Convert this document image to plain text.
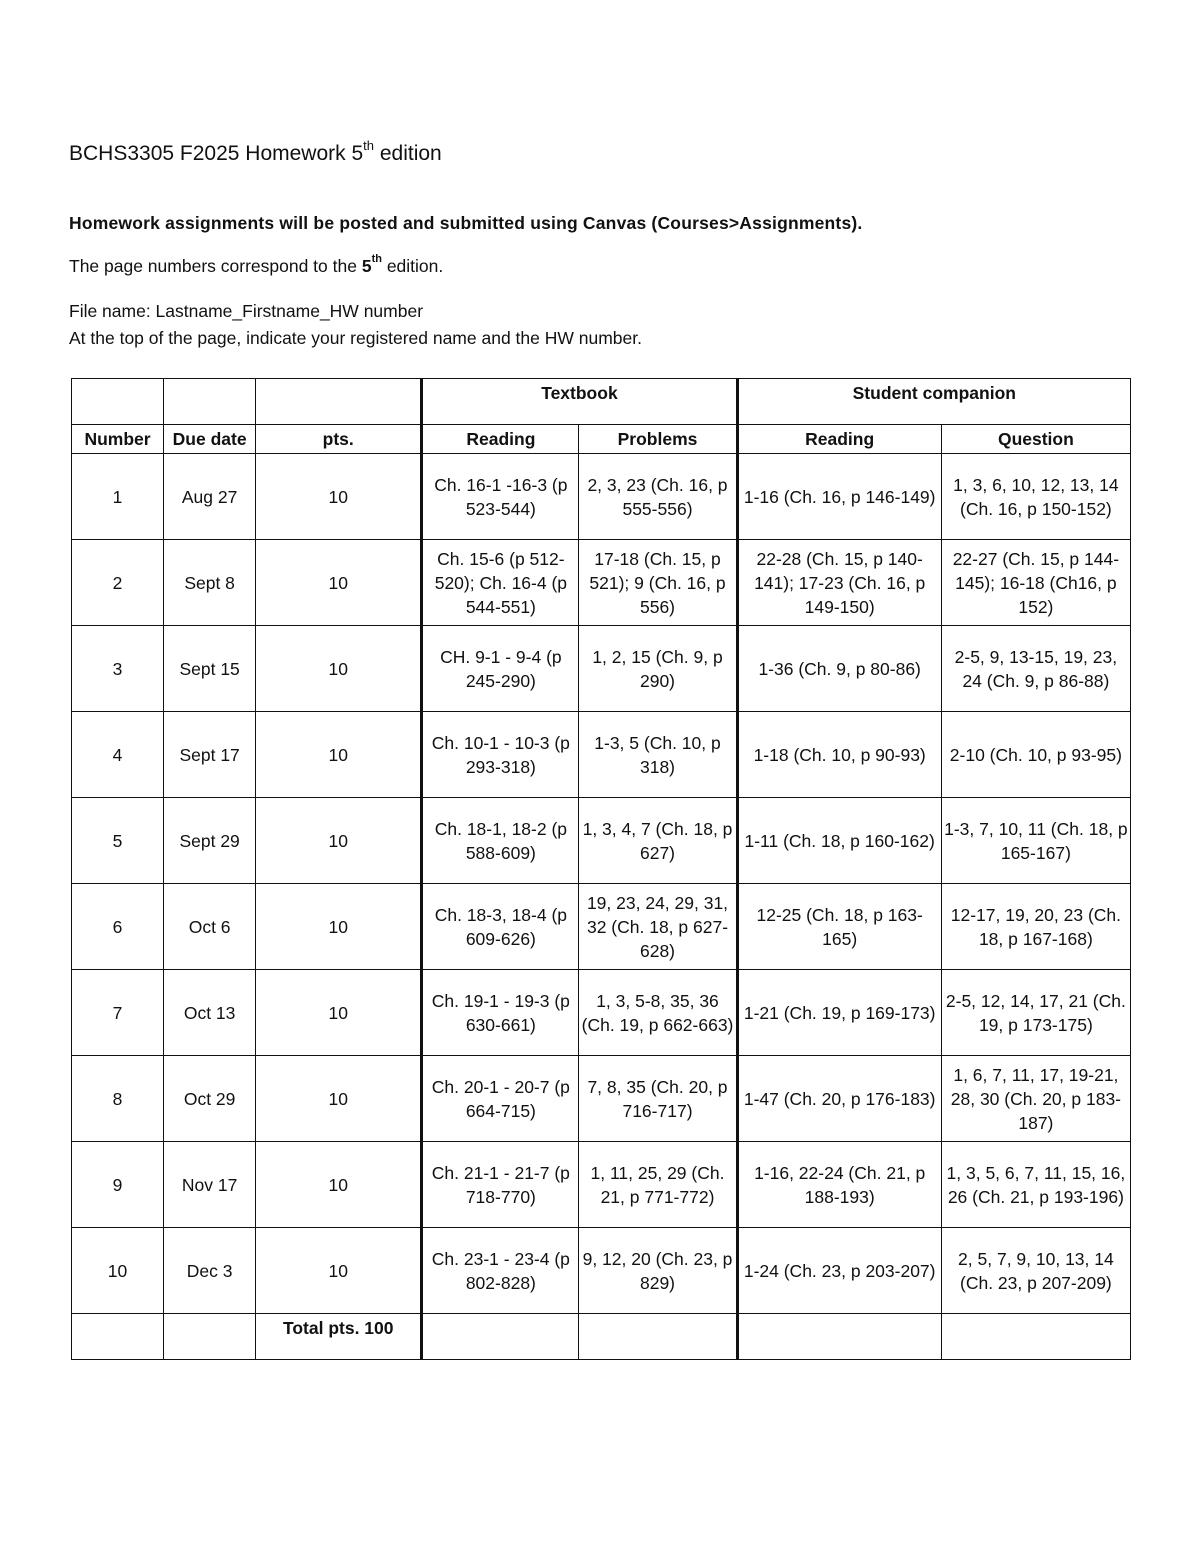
BCHS3305 F2025 Homework 5th edition

Homework assignments will be posted and submitted using Canvas (Courses>Assignments).

The page numbers correspond to the 5th edition.

File name: Lastname_Firstname_HW number
At the top of the page, indicate your registered name and the HW number.
			Textbook		Student companion	
Number	Due date	pts.	Reading	Problems	Reading	Question
1	Aug 27	10	Ch. 16-1 -16-3 (p 523-544)	2, 3, 23 (Ch. 16, p 555-556)	1-16 (Ch. 16, p 146-149)	1, 3, 6, 10, 12, 13, 14 (Ch. 16, p 150-152)
2	Sept 8	10	Ch. 15-6 (p 512-520); Ch. 16-4 (p 544-551)	17-18 (Ch. 15, p 521); 9 (Ch. 16, p 556)	22-28 (Ch. 15, p 140-141); 17-23 (Ch. 16, p 149-150)	22-27 (Ch. 15, p 144-145); 16-18 (Ch16, p 152)
3	Sept 15	10	CH. 9-1 - 9-4 (p 245-290)	1, 2, 15 (Ch. 9, p 290)	1-36 (Ch. 9, p 80-86)	2-5, 9, 13-15, 19, 23, 24 (Ch. 9, p 86-88)
4	Sept 17	10	Ch. 10-1 - 10-3 (p 293-318)	1-3, 5 (Ch. 10, p 318)	1-18 (Ch. 10, p 90-93)	2-10 (Ch. 10, p 93-95)
5	Sept 29	10	Ch. 18-1, 18-2 (p 588-609)	1, 3, 4, 7 (Ch. 18, p 627)	1-11 (Ch. 18, p 160-162)	1-3, 7, 10, 11 (Ch. 18, p 165-167)
6	Oct 6	10	Ch. 18-3, 18-4 (p 609-626)	19, 23, 24, 29, 31, 32 (Ch. 18, p 627-628)	12-25 (Ch. 18, p 163-165)	12-17, 19, 20, 23 (Ch. 18, p 167-168)
7	Oct 13	10	Ch. 19-1 - 19-3 (p 630-661)	1, 3, 5-8, 35, 36 (Ch. 19, p 662-663)	1-21 (Ch. 19, p 169-173)	2-5, 12, 14, 17, 21 (Ch. 19, p 173-175)
8	Oct 29	10	Ch. 20-1 - 20-7 (p 664-715)	7, 8, 35 (Ch. 20, p 716-717)	1-47 (Ch. 20, p 176-183)	1, 6, 7, 11, 17, 19-21, 28, 30 (Ch. 20, p 183-187)
9	Nov 17	10	Ch. 21-1 - 21-7 (p 718-770)	1, 11, 25, 29 (Ch. 21, p 771-772)	1-16, 22-24 (Ch. 21, p 188-193)	1, 3, 5, 6, 7, 11, 15, 16, 26 (Ch. 21, p 193-196)
10	Dec 3	10	Ch. 23-1 - 23-4 (p 802-828)	9, 12, 20 (Ch. 23, p 829)	1-24 (Ch. 23, p 203-207)	2, 5, 7, 9, 10, 13, 14 (Ch. 23, p 207-209)
		Total pts. 100				
